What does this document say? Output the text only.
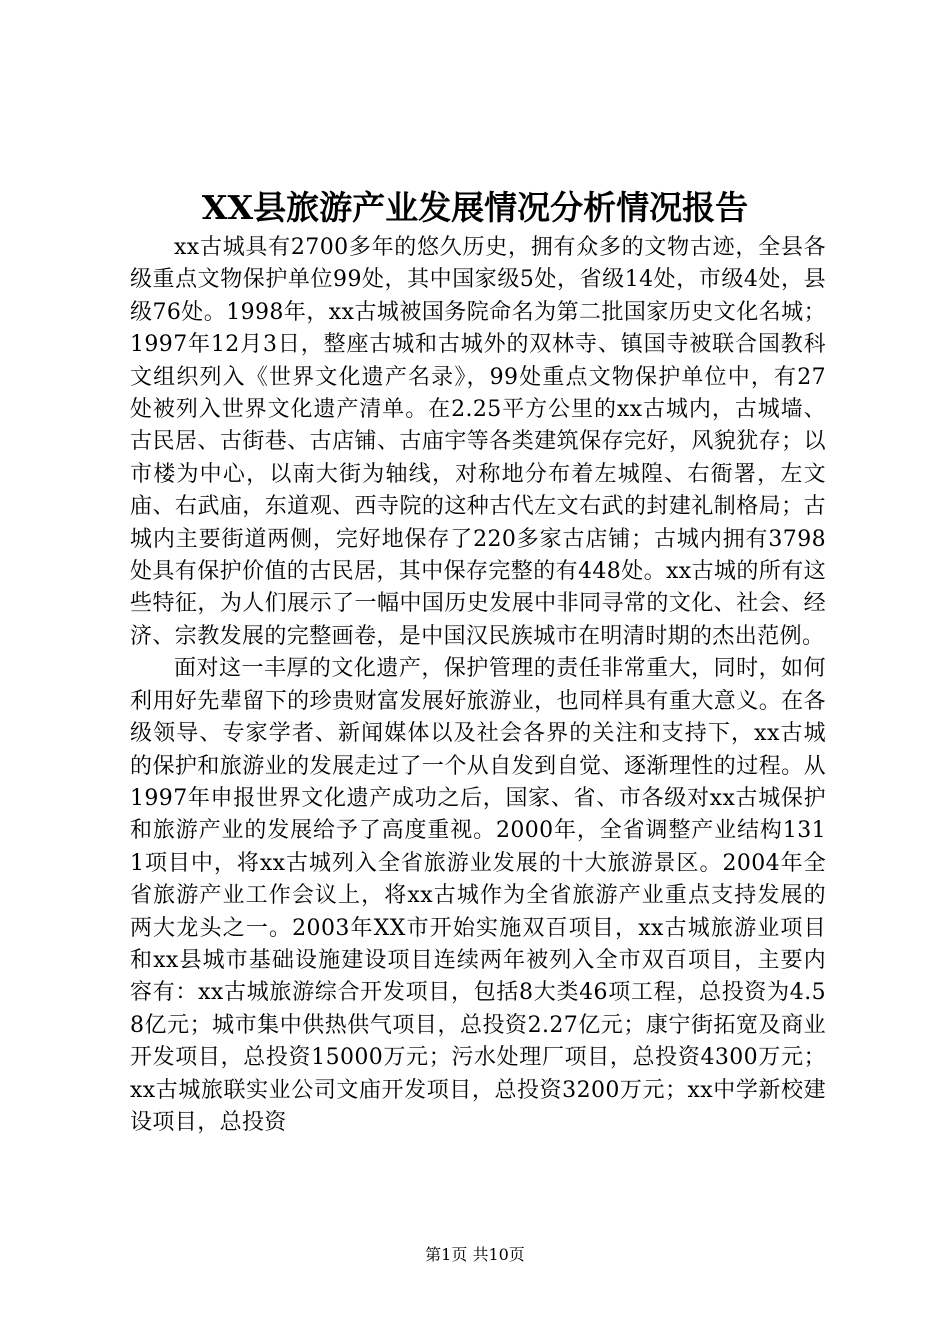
XX县旅游产业发展情况分析情况报告

xx古城具有2700多年的悠久历史，拥有众多的文物古迹，全县各级重点文物保护单位99处，其中国家级5处，省级14处，市级4处，县级76处。1998年，xx古城被国务院命名为第二批国家历史文化名城；1997年12月3日，整座古城和古城外的双林寺、镇国寺被联合国教科文组织列入《世界文化遗产名录》，99处重点文物保护单位中，有27处被列入世界文化遗产清单。在2.25平方公里的xx古城内，古城墙、古民居、古街巷、古店铺、古庙宇等各类建筑保存完好，风貌犹存；以市楼为中心，以南大街为轴线，对称地分布着左城隍、右衙署，左文庙、右武庙，东道观、西寺院的这种古代左文右武的封建礼制格局；古城内主要街道两侧，完好地保存了220多家古店铺；古城内拥有3798处具有保护价值的古民居，其中保存完整的有448处。xx古城的所有这些特征，为人们展示了一幅中国历史发展中非同寻常的文化、社会、经济、宗教发展的完整画卷，是中国汉民族城市在明清时期的杰出范例。

面对这一丰厚的文化遗产，保护管理的责任非常重大，同时，如何利用好先辈留下的珍贵财富发展好旅游业，也同样具有重大意义。在各级领导、专家学者、新闻媒体以及社会各界的关注和支持下，xx古城的保护和旅游业的发展走过了一个从自发到自觉、逐渐理性的过程。从1997年申报世界文化遗产成功之后，国家、省、市各级对xx古城保护和旅游产业的发展给予了高度重视。2000年，全省调整产业结构1311项目中，将xx古城列入全省旅游业发展的十大旅游景区。2004年全省旅游产业工作会议上，将xx古城作为全省旅游产业重点支持发展的两大龙头之一。2003年XX市开始实施双百项目，xx古城旅游业项目和xx县城市基础设施建设项目连续两年被列入全市双百项目，主要内容有：xx古城旅游综合开发项目，包括8大类46项工程，总投资为4.58亿元；城市集中供热供气项目，总投资2.27亿元；康宁街拓宽及商业开发项目，总投资15000万元；污水处理厂项目，总投资4300万元；xx古城旅联实业公司文庙开发项目，总投资3200万元；xx中学新校建设项目，总投资

第1页 共10页
